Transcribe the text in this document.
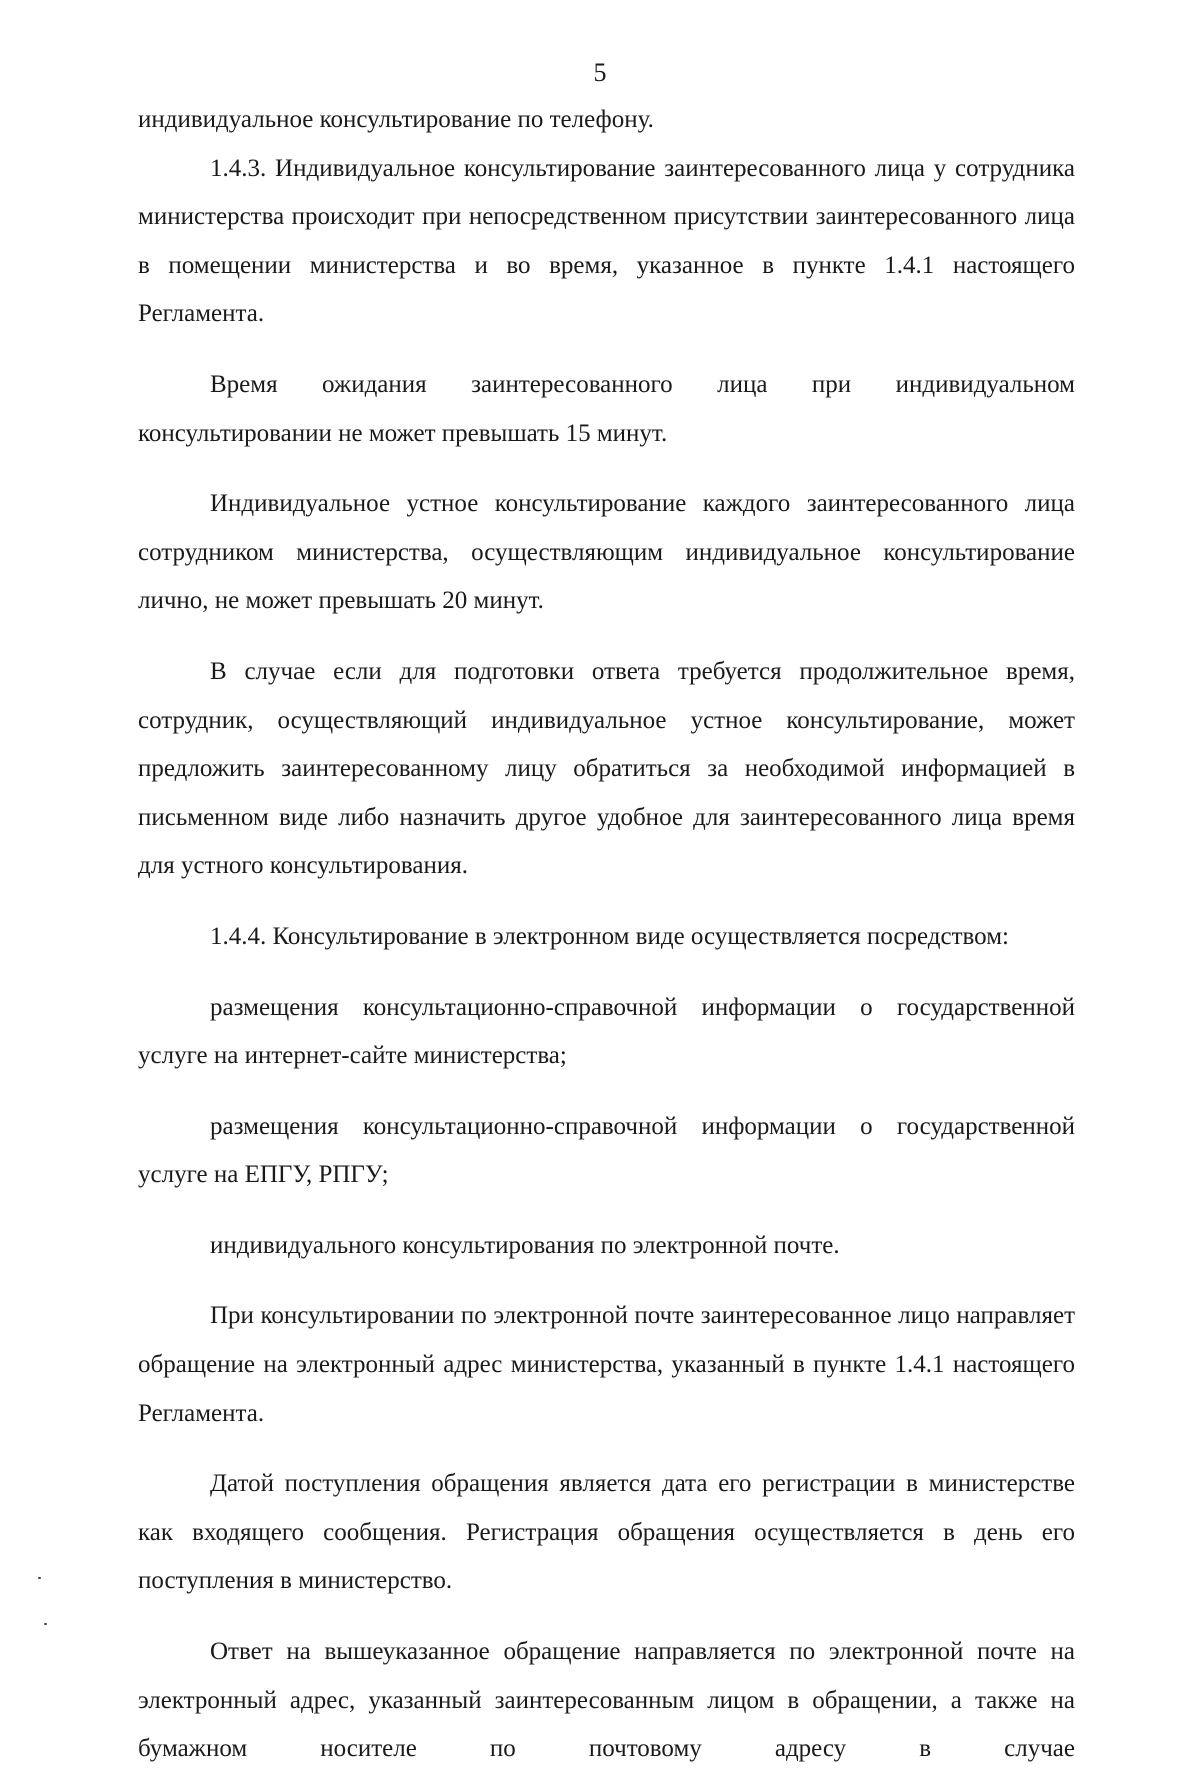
5

индивидуальное консультирование по телефону.

1.4.3. Индивидуальное консультирование заинтересованного лица у сотрудника министерства происходит при непосредственном присутствии заинтересованного лица в помещении министерства и во время, указанное в пункте 1.4.1 настоящего Регламента.

Время ожидания заинтересованного лица при индивидуальном консультировании не может превышать 15 минут.

Индивидуальное устное консультирование каждого заинтересованного лица сотрудником министерства, осуществляющим индивидуальное консультирование лично, не может превышать 20 минут.

В случае если для подготовки ответа требуется продолжительное время, сотрудник, осуществляющий индивидуальное устное консультирование, может предложить заинтересованному лицу обратиться за необходимой информацией в письменном виде либо назначить другое удобное для заинтересованного лица время для устного консультирования.

1.4.4. Консультирование в электронном виде осуществляется посредством:

размещения консультационно-справочной информации о государственной услуге на интернет-сайте министерства;

размещения консультационно-справочной информации о государственной услуге на ЕПГУ, РПГУ;

индивидуального консультирования по электронной почте.

При консультировании по электронной почте заинтересованное лицо направляет обращение на электронный адрес министерства, указанный в пункте 1.4.1 настоящего Регламента.

Датой поступления обращения является дата его регистрации в министерстве как входящего сообщения. Регистрация обращения осуществляется в день его поступления в министерство.

Ответ на вышеуказанное обращение направляется по электронной почте на электронный адрес, указанный заинтересованным лицом в обращении, а также на бумажном носителе по почтовому адресу в случае
